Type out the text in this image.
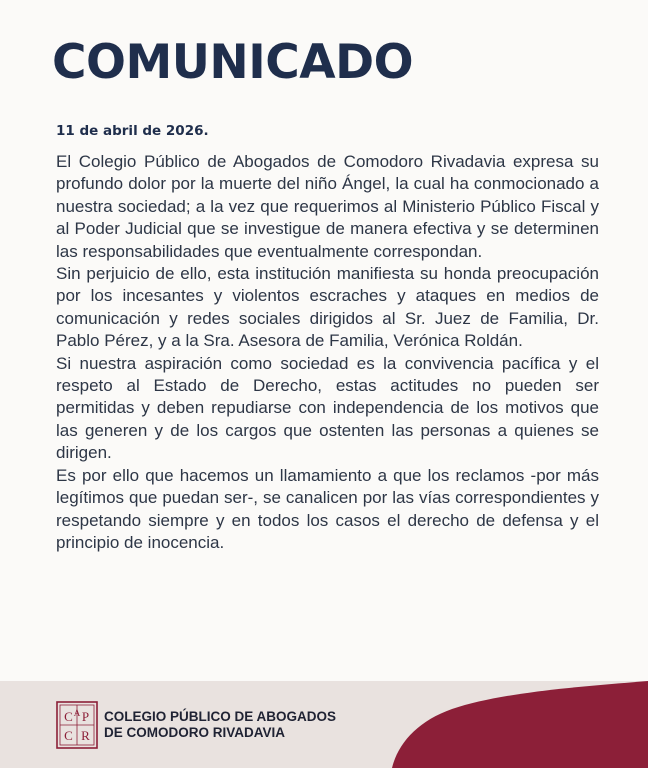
COMUNICADO
11 de abril de 2026.

El Colegio Público de Abogados de Comodoro Rivadavia expresa su profundo dolor por la muerte del niño Ángel, la cual ha conmocionado a nuestra sociedad; a la vez que requerimos al Ministerio Público Fiscal y al Poder Judicial que se investigue de manera efectiva y se determinen las responsabilidades que eventualmente correspondan.

Sin perjuicio de ello, esta institución manifiesta su honda preocupación por los incesantes y violentos escraches y ataques en medios de comunicación y redes sociales dirigidos al Sr. Juez de Familia, Dr. Pablo Pérez, y a la Sra. Asesora de Familia, Verónica Roldán.

Si nuestra aspiración como sociedad es la convivencia pacífica y el respeto al Estado de Derecho, estas actitudes no pueden ser permitidas y deben repudiarse con independencia de los motivos que las generen y de los cargos que ostenten las personas a quienes se dirigen.

Es por ello que hacemos un llamamiento a que los reclamos -por más legítimos que puedan ser-, se canalicen por las vías correspondientes y respetando siempre y en todos los casos el derecho de defensa y el principio de inocencia.

C P
A
C R
COLEGIO PÚBLICO DE ABOGADOS
DE COMODORO RIVADAVIA
